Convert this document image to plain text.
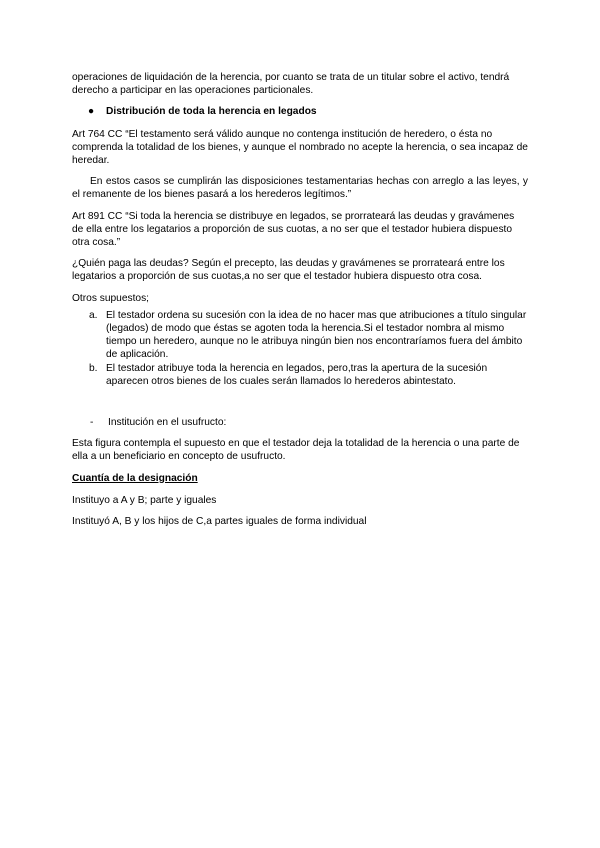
operaciones de liquidación de la herencia, por cuanto se trata de un titular sobre el activo, tendrá derecho a participar en las operaciones particionales.

● Distribución de toda la herencia en legados

Art 764 CC “El testamento será válido aunque no contenga institución de heredero, o ésta no comprenda la totalidad de los bienes, y aunque el nombrado no acepte la herencia, o sea incapaz de heredar.

En estos casos se cumplirán las disposiciones testamentarias hechas con arreglo a las leyes, y el remanente de los bienes pasará a los herederos legítimos.”

Art 891 CC “Si toda la herencia se distribuye en legados, se prorrateará las deudas y gravámenes de ella entre los legatarios a proporción de sus cuotas, a no ser que el testador hubiera dispuesto otra cosa.”

¿Quién paga las deudas? Según el precepto, las deudas y gravámenes se prorrateará entre los legatarios a proporción de sus cuotas,a no ser que el testador hubiera dispuesto otra cosa.

Otros supuestos;

a. El testador ordena su sucesión con la idea de no hacer mas que atribuciones a título singular (legados) de modo que éstas se agoten toda la herencia.Si el testador nombra al mismo tiempo un heredero, aunque no le atribuya ningún bien nos encontraríamos fuera del ámbito de aplicación.
b. El testador atribuye toda la herencia en legados, pero,tras la apertura de la sucesión aparecen otros bienes de los cuales serán llamados lo herederos abintestato.
- Institución en el usufructo:

Esta figura contempla el supuesto en que el testador deja la totalidad de la herencia o una parte de ella a un beneficiario en concepto de usufructo.

Cuantía de la designación

Instituyo a A y B; parte y iguales

Instituyó A, B y los hijos de C,a partes iguales de forma individual
